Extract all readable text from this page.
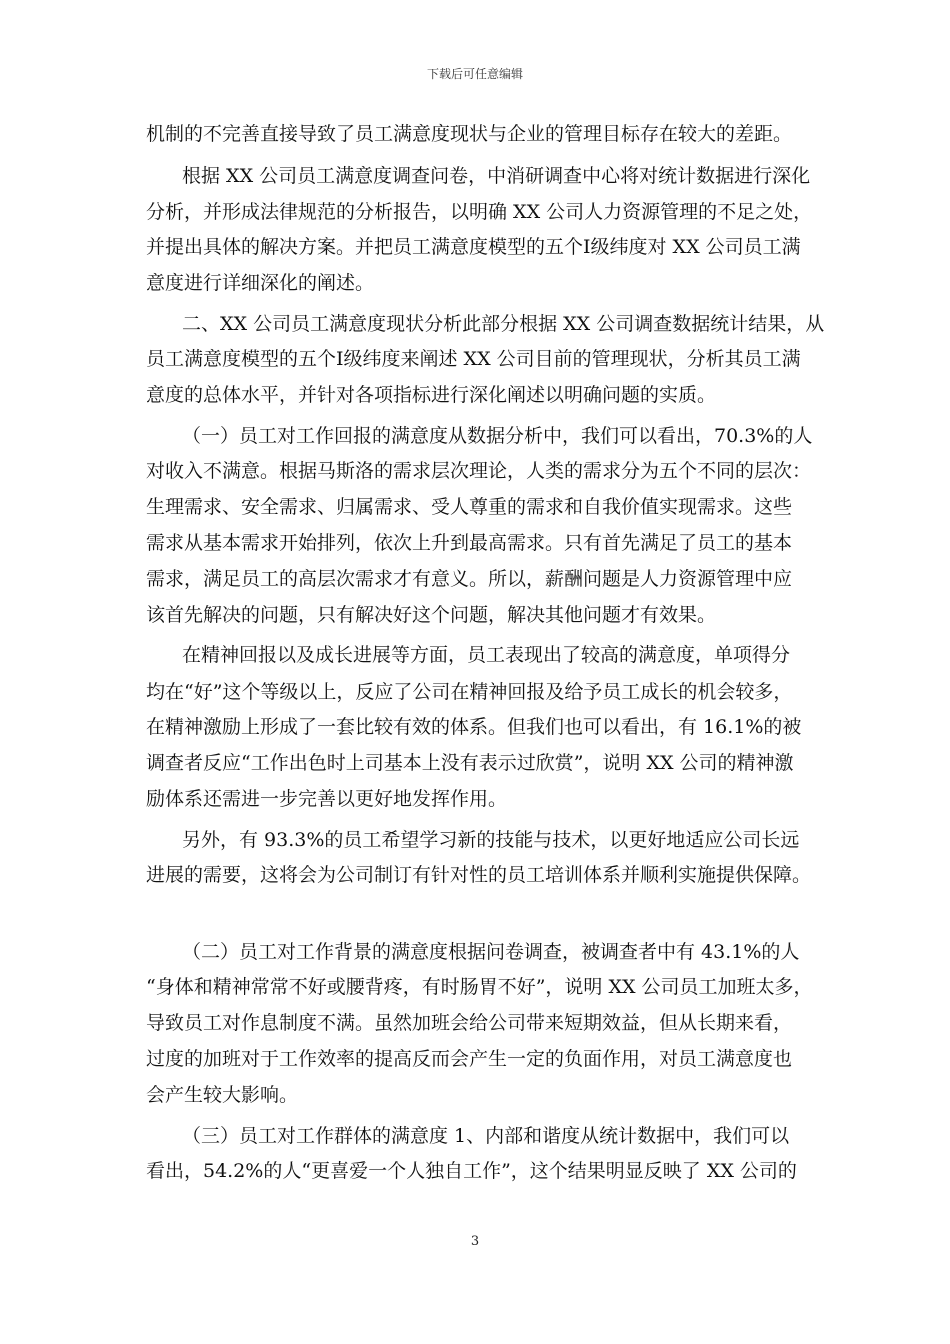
下载后可任意编辑
机制的不完善直接导致了员工满意度现状与企业的管理目标存在较大的差距。
根据 XX 公司员工满意度调查问卷，中消研调查中心将对统计数据进行深化
分析，并形成法律规范的分析报告，以明确 XX 公司人力资源管理的不足之处，
并提出具体的解决方案。并把员工满意度模型的五个Ⅰ级纬度对 XX 公司员工满
意度进行详细深化的阐述。
二、XX 公司员工满意度现状分析此部分根据 XX 公司调查数据统计结果，从
员工满意度模型的五个Ⅰ级纬度来阐述 XX 公司目前的管理现状，分析其员工满
意度的总体水平，并针对各项指标进行深化阐述以明确问题的实质。
（一）员工对工作回报的满意度从数据分析中，我们可以看出，70.3%的人
对收入不满意。根据马斯洛的需求层次理论，人类的需求分为五个不同的层次：
生理需求、安全需求、归属需求、受人尊重的需求和自我价值实现需求。这些
需求从基本需求开始排列，依次上升到最高需求。只有首先满足了员工的基本
需求，满足员工的高层次需求才有意义。所以，薪酬问题是人力资源管理中应
该首先解决的问题，只有解决好这个问题，解决其他问题才有效果。
在精神回报以及成长进展等方面，员工表现出了较高的满意度，单项得分
均在“好”这个等级以上，反应了公司在精神回报及给予员工成长的机会较多，
在精神激励上形成了一套比较有效的体系。但我们也可以看出，有 16.1%的被
调查者反应“工作出色时上司基本上没有表示过欣赏”，说明 XX 公司的精神激
励体系还需进一步完善以更好地发挥作用。
另外，有 93.3%的员工希望学习新的技能与技术，以更好地适应公司长远
进展的需要，这将会为公司制订有针对性的员工培训体系并顺利实施提供保障。
（二）员工对工作背景的满意度根据问卷调查，被调查者中有 43.1%的人
“身体和精神常常不好或腰背疼，有时肠胃不好”，说明 XX 公司员工加班太多，
导致员工对作息制度不满。虽然加班会给公司带来短期效益，但从长期来看，
过度的加班对于工作效率的提高反而会产生一定的负面作用，对员工满意度也
会产生较大影响。
（三）员工对工作群体的满意度 1、内部和谐度从统计数据中，我们可以
看出，54.2%的人“更喜爱一个人独自工作”，这个结果明显反映了 XX 公司的
3
